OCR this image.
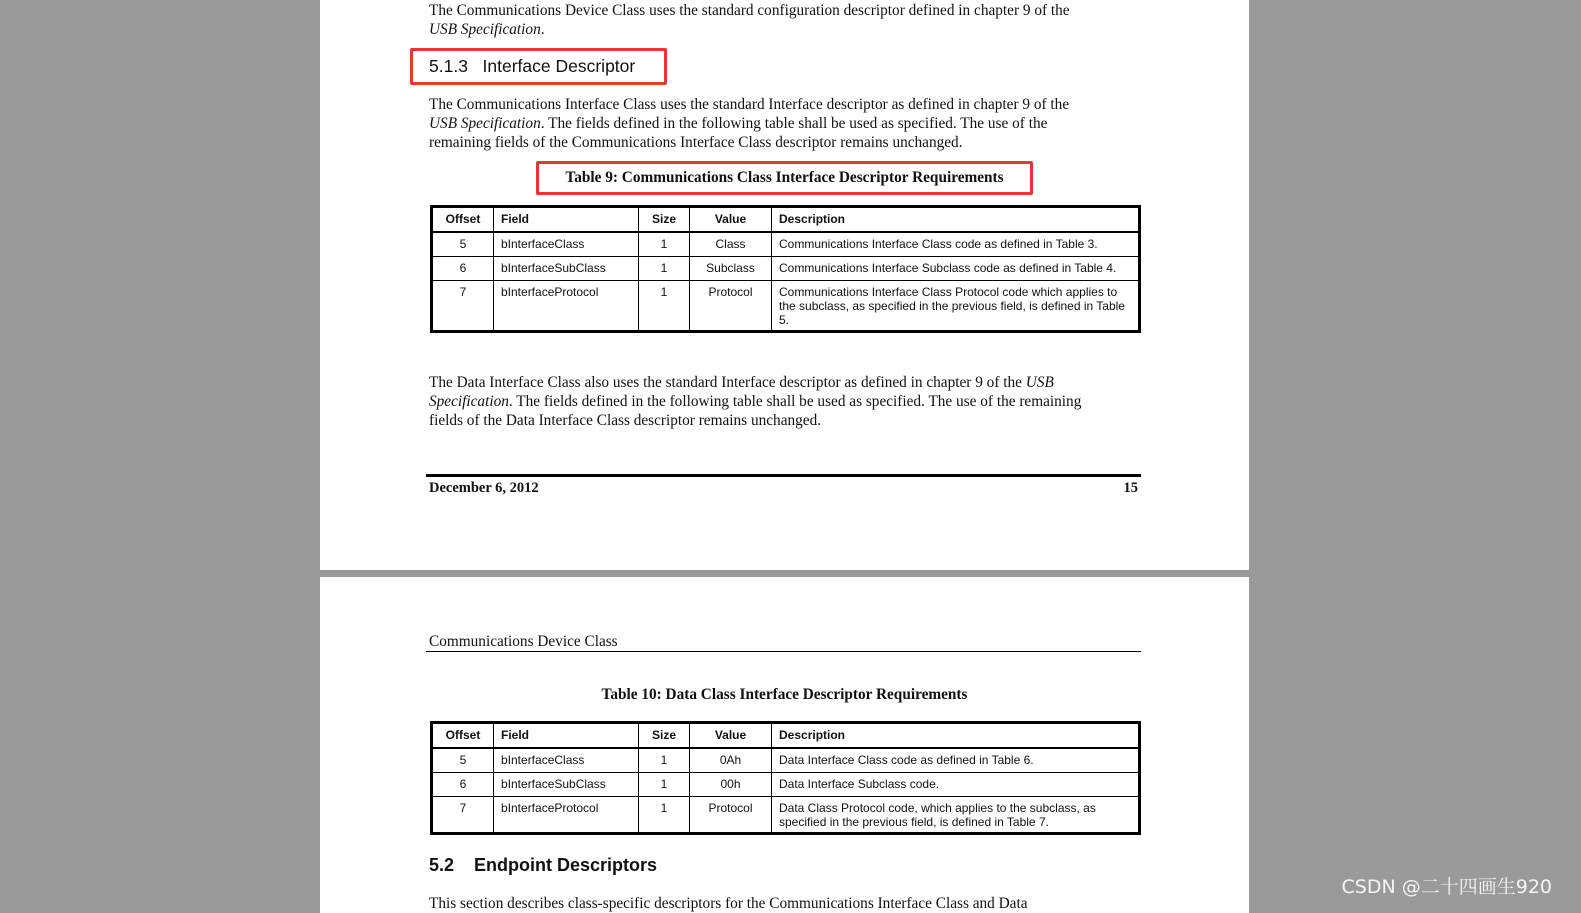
The Communications Device Class uses the standard configuration descriptor defined in chapter 9 of the
USB Specification.
5.1.3 Interface Descriptor
The Communications Interface Class uses the standard Interface descriptor as defined in chapter 9 of the
USB Specification. The fields defined in the following table shall be used as specified. The use of the
remaining fields of the Communications Interface Class descriptor remains unchanged.
Table 9: Communications Class Interface Descriptor Requirements
Offset	Field	Size	Value	Description
5	bInterfaceClass	1	Class	Communications Interface Class code as defined in Table 3.
6	bInterfaceSubClass	1	Subclass	Communications Interface Subclass code as defined in Table 4.
7	bInterfaceProtocol	1	Protocol	Communications Interface Class Protocol code which applies to the subclass, as specified in the previous field, is defined in Table 5.
The Data Interface Class also uses the standard Interface descriptor as defined in chapter 9 of the USB
Specification. The fields defined in the following table shall be used as specified. The use of the remaining
fields of the Data Interface Class descriptor remains unchanged.
December 6, 2012	15
Communications Device Class
Table 10: Data Class Interface Descriptor Requirements
Offset	Field	Size	Value	Description
5	bInterfaceClass	1	0Ah	Data Interface Class code as defined in Table 6.
6	bInterfaceSubClass	1	00h	Data Interface Subclass code.
7	bInterfaceProtocol	1	Protocol	Data Class Protocol code, which applies to the subclass, as specified in the previous field, is defined in Table 7.
5.2 Endpoint Descriptors
This section describes class-specific descriptors for the Communications Interface Class and Data
CSDN @二十四画生920
